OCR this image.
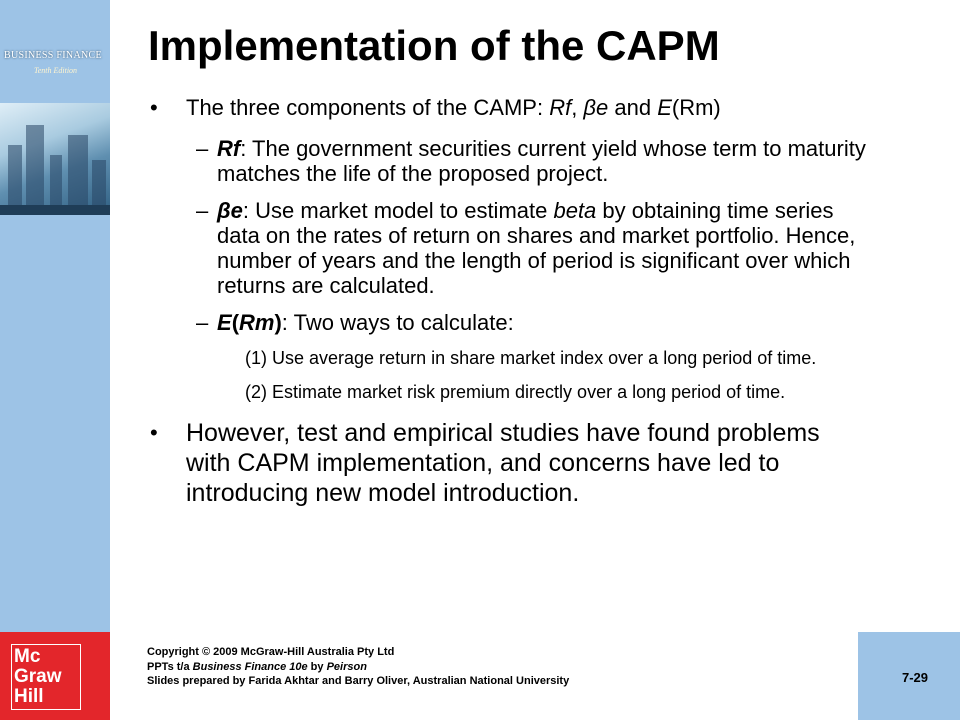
BUSINESS FINANCE
Tenth Edition
Implementation of the CAPM
• The three components of the CAMP: Rf, βe and E(Rm)
– Rf: The government securities current yield whose term to maturity matches the life of the proposed project.
– βe: Use market model to estimate beta by obtaining time series data on the rates of return on shares and market portfolio. Hence, number of years and the length of period is significant over which returns are calculated.
– E(Rm): Two ways to calculate:
(1) Use average return in share market index over a long period of time.
(2) Estimate market risk premium directly over a long period of time.
• However, test and empirical studies have found problems with CAPM implementation, and concerns have led to introducing new model introduction.
Mc
Graw
Hill
Copyright © 2009 McGraw-Hill Australia Pty Ltd
PPTs t/a Business Finance 10e by Peirson
Slides prepared by Farida Akhtar and Barry Oliver, Australian National University	7-29
